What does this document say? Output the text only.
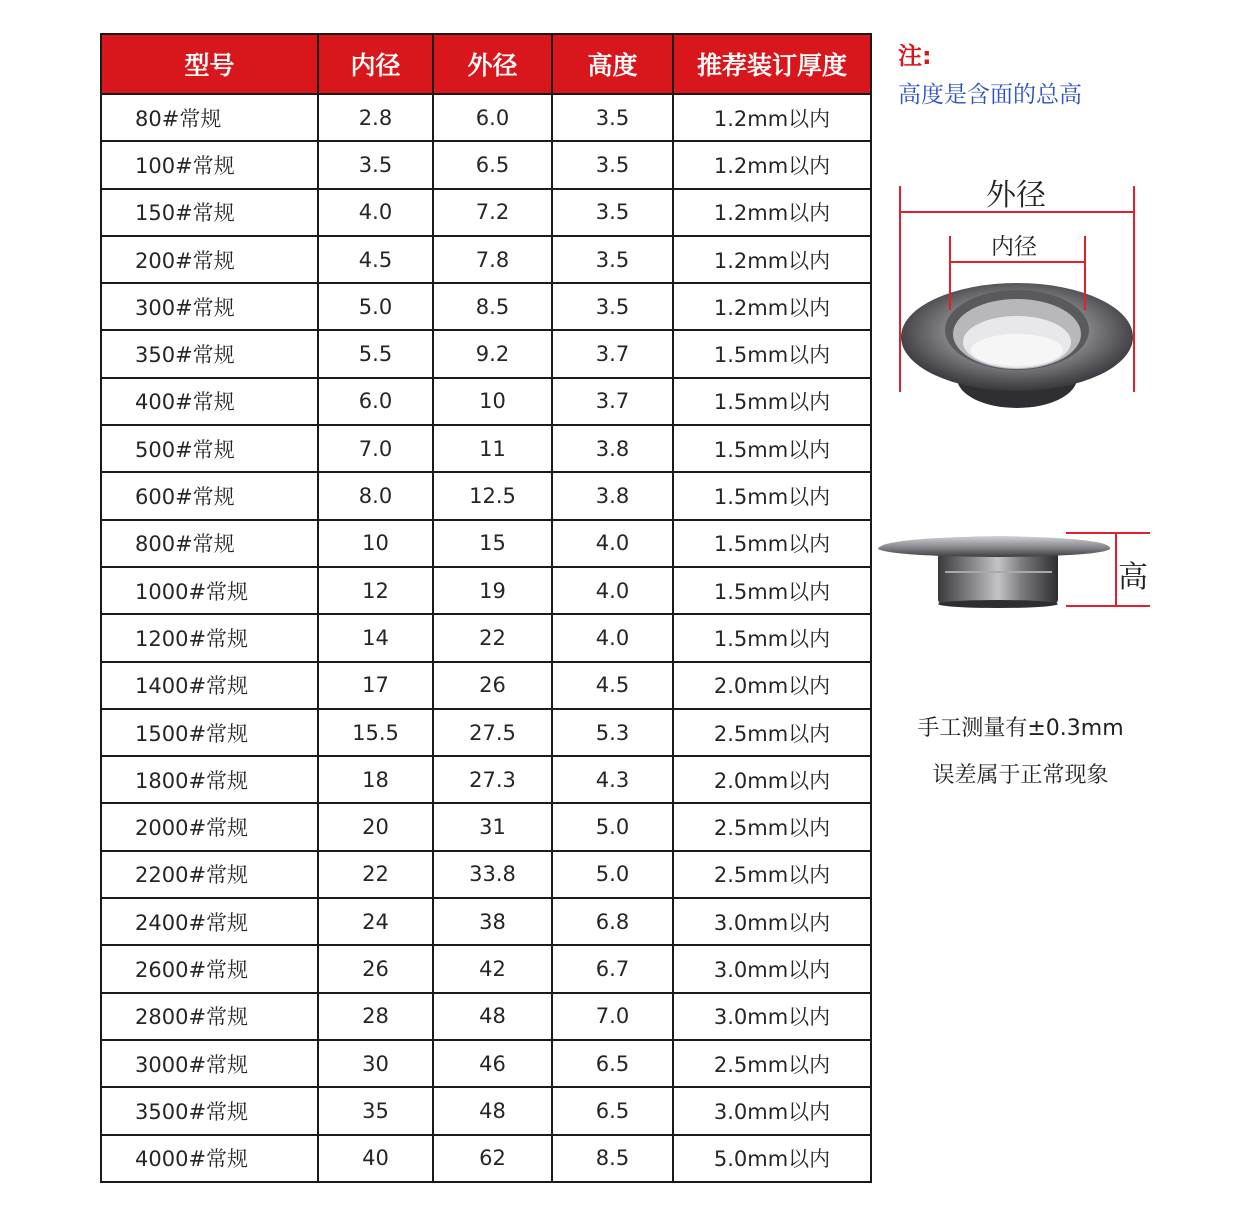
型号	内径	外径	高度	推荐装订厚度
80#常规	2.8	6.0	3.5	1.2mm以内
100#常规	3.5	6.5	3.5	1.2mm以内
150#常规	4.0	7.2	3.5	1.2mm以内
200#常规	4.5	7.8	3.5	1.2mm以内
300#常规	5.0	8.5	3.5	1.2mm以内
350#常规	5.5	9.2	3.7	1.5mm以内
400#常规	6.0	10	3.7	1.5mm以内
500#常规	7.0	11	3.8	1.5mm以内
600#常规	8.0	12.5	3.8	1.5mm以内
800#常规	10	15	4.0	1.5mm以内
1000#常规	12	19	4.0	1.5mm以内
1200#常规	14	22	4.0	1.5mm以内
1400#常规	17	26	4.5	2.0mm以内
1500#常规	15.5	27.5	5.3	2.5mm以内
1800#常规	18	27.3	4.3	2.0mm以内
2000#常规	20	31	5.0	2.5mm以内
2200#常规	22	33.8	5.0	2.5mm以内
2400#常规	24	38	6.8	3.0mm以内
2600#常规	26	42	6.7	3.0mm以内
2800#常规	28	48	7.0	3.0mm以内
3000#常规	30	46	6.5	2.5mm以内
3500#常规	35	48	6.5	3.0mm以内
4000#常规	40	62	8.5	5.0mm以内
注:
高度是含面的总高
外径
内径
高
手工测量有±0.3mm
误差属于正常现象
